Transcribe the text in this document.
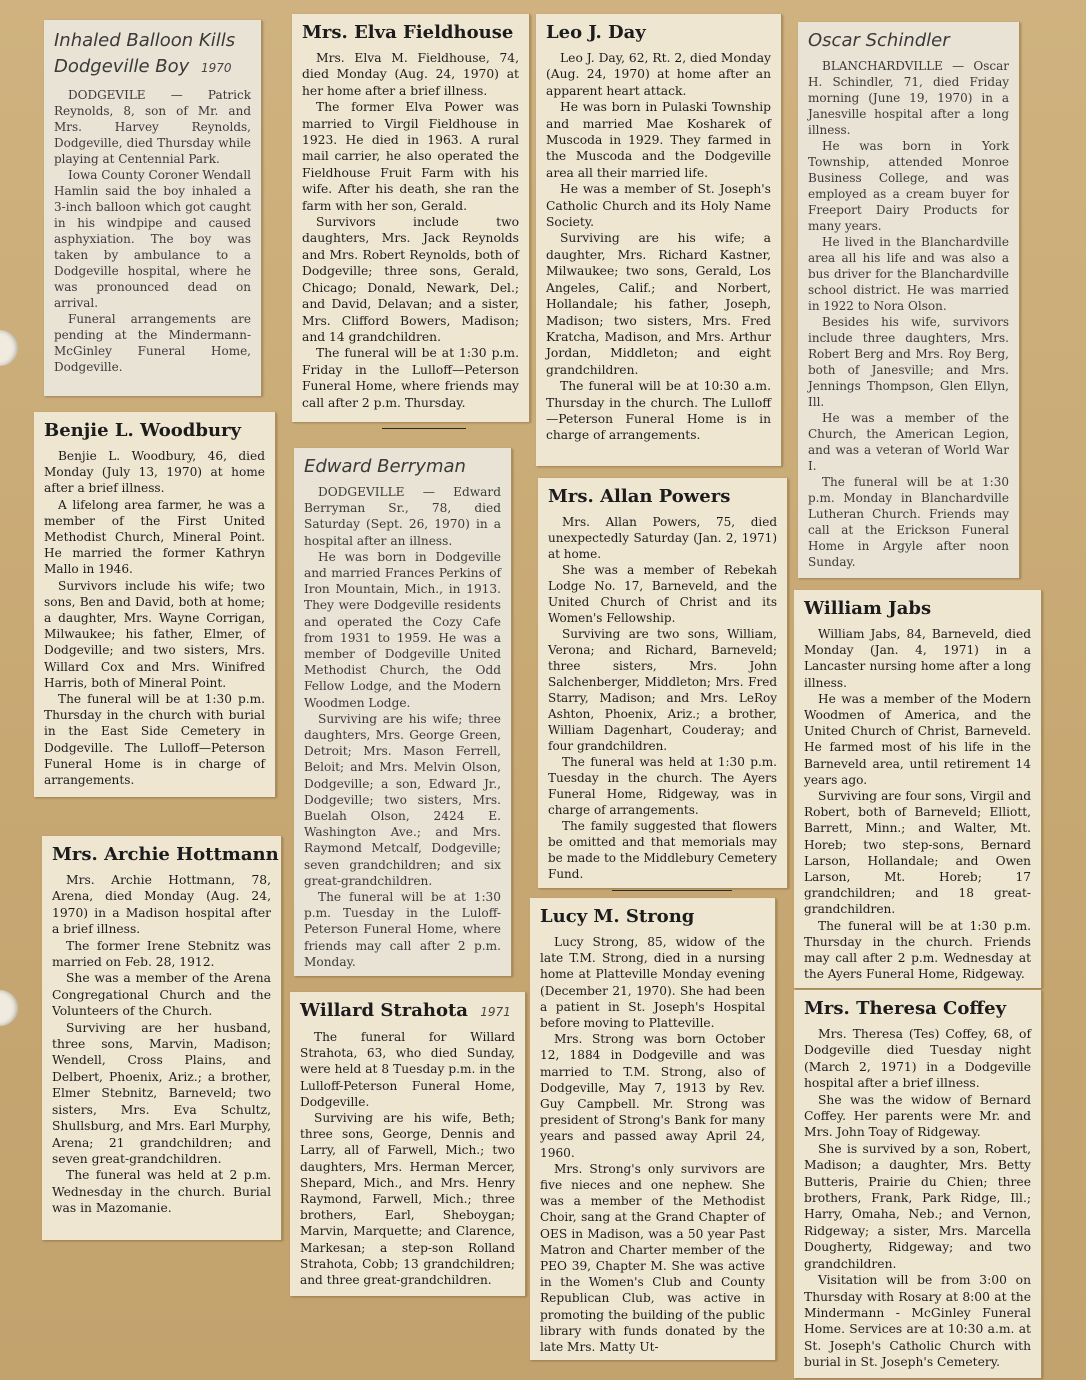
Inhaled Balloon Kills Dodgeville Boy 1970

DODGEVILE — Patrick Reynolds, 8, son of Mr. and Mrs. Harvey Reynolds, Dodgeville, died Thursday while playing at Centennial Park.

Iowa County Coroner Wendall Hamlin said the boy inhaled a 3-inch balloon which got caught in his windpipe and caused asphyxiation. The boy was taken by ambulance to a Dodgeville hospital, where he was pronounced dead on arrival.

Funeral arrangements are pending at the Mindermann-McGinley Funeral Home, Dodgeville.

Benjie L. Woodbury

Benjie L. Woodbury, 46, died Monday (July 13, 1970) at home after a brief illness.

A lifelong area farmer, he was a member of the First United Methodist Church, Mineral Point. He married the former Kathryn Mallo in 1946.

Survivors include his wife; two sons, Ben and David, both at home; a daughter, Mrs. Wayne Corrigan, Milwaukee; his father, Elmer, of Dodgeville; and two sisters, Mrs. Willard Cox and Mrs. Winifred Harris, both of Mineral Point.

The funeral will be at 1:30 p.m. Thursday in the church with burial in the East Side Cemetery in Dodgeville. The Lulloff—Peterson Funeral Home is in charge of arrangements.

Mrs. Archie Hottmann

Mrs. Archie Hottmann, 78, Arena, died Monday (Aug. 24, 1970) in a Madison hospital after a brief illness.

The former Irene Stebnitz was married on Feb. 28, 1912.

She was a member of the Arena Congregational Church and the Volunteers of the Church.

Surviving are her husband, three sons, Marvin, Madison; Wendell, Cross Plains, and Delbert, Phoenix, Ariz.; a brother, Elmer Stebnitz, Barneveld; two sisters, Mrs. Eva Schultz, Shullsburg, and Mrs. Earl Murphy, Arena; 21 grandchildren; and seven great-grandchildren.

The funeral was held at 2 p.m. Wednesday in the church. Burial was in Mazomanie.

Mrs. Elva Fieldhouse

Mrs. Elva M. Fieldhouse, 74, died Monday (Aug. 24, 1970) at her home after a brief illness.

The former Elva Power was married to Virgil Fieldhouse in 1923. He died in 1963. A rural mail carrier, he also operated the Fieldhouse Fruit Farm with his wife. After his death, she ran the farm with her son, Gerald.

Survivors include two daughters, Mrs. Jack Reynolds and Mrs. Robert Reynolds, both of Dodgeville; three sons, Gerald, Chicago; Donald, Newark, Del.; and David, Delavan; and a sister, Mrs. Clifford Bowers, Madison; and 14 grandchildren.

The funeral will be at 1:30 p.m. Friday in the Lulloff—Peterson Funeral Home, where friends may call after 2 p.m. Thursday.

Edward Berryman

DODGEVILLE — Edward Berryman Sr., 78, died Saturday (Sept. 26, 1970) in a hospital after an illness.

He was born in Dodgeville and married Frances Perkins of Iron Mountain, Mich., in 1913. They were Dodgeville residents and operated the Cozy Cafe from 1931 to 1959. He was a member of Dodgeville United Methodist Church, the Odd Fellow Lodge, and the Modern Woodmen Lodge.

Surviving are his wife; three daughters, Mrs. George Green, Detroit; Mrs. Mason Ferrell, Beloit; and Mrs. Melvin Olson, Dodgeville; a son, Edward Jr., Dodgeville; two sisters, Mrs. Buelah Olson, 2424 E. Washington Ave.; and Mrs. Raymond Metcalf, Dodgeville; seven grandchildren; and six great-grandchildren.

The funeral will be at 1:30 p.m. Tuesday in the Luloff-Peterson Funeral Home, where friends may call after 2 p.m. Monday.

Willard Strahota 1971

The funeral for Willard Strahota, 63, who died Sunday, were held at 8 Tuesday p.m. in the Lulloff-Peterson Funeral Home, Dodgeville.

Surviving are his wife, Beth; three sons, George, Dennis and Larry, all of Farwell, Mich.; two daughters, Mrs. Herman Mercer, Shepard, Mich., and Mrs. Henry Raymond, Farwell, Mich.; three brothers, Earl, Sheboygan; Marvin, Marquette; and Clarence, Markesan; a step-son Rolland Strahota, Cobb; 13 grandchildren; and three great-grandchildren.

Leo J. Day

Leo J. Day, 62, Rt. 2, died Monday (Aug. 24, 1970) at home after an apparent heart attack.

He was born in Pulaski Township and married Mae Kosharek of Muscoda in 1929. They farmed in the Muscoda and the Dodgeville area all their married life.

He was a member of St. Joseph's Catholic Church and its Holy Name Society.

Surviving are his wife; a daughter, Mrs. Richard Kastner, Milwaukee; two sons, Gerald, Los Angeles, Calif.; and Norbert, Hollandale; his father, Joseph, Madison; two sisters, Mrs. Fred Kratcha, Madison, and Mrs. Arthur Jordan, Middleton; and eight grandchildren.

The funeral will be at 10:30 a.m. Thursday in the church. The Lulloff—Peterson Funeral Home is in charge of arrangements.

Mrs. Allan Powers

Mrs. Allan Powers, 75, died unexpectedly Saturday (Jan. 2, 1971) at home.

She was a member of Rebekah Lodge No. 17, Barneveld, and the United Church of Christ and its Women's Fellowship.

Surviving are two sons, William, Verona; and Richard, Barneveld; three sisters, Mrs. John Salchenberger, Middleton; Mrs. Fred Starry, Madison; and Mrs. LeRoy Ashton, Phoenix, Ariz.; a brother, William Dagenhart, Couderay; and four grandchildren.

The funeral was held at 1:30 p.m. Tuesday in the church. The Ayers Funeral Home, Ridgeway, was in charge of arrangements.

The family suggested that flowers be omitted and that memorials may be made to the Middlebury Cemetery Fund.

Lucy M. Strong

Lucy Strong, 85, widow of the late T.M. Strong, died in a nursing home at Platteville Monday evening (December 21, 1970). She had been a patient in St. Joseph's Hospital before moving to Platteville.

Mrs. Strong was born October 12, 1884 in Dodgeville and was married to T.M. Strong, also of Dodgeville, May 7, 1913 by Rev. Guy Campbell. Mr. Strong was president of Strong's Bank for many years and passed away April 24, 1960.

Mrs. Strong's only survivors are five nieces and one nephew. She was a member of the Methodist Choir, sang at the Grand Chapter of OES in Madison, was a 50 year Past Matron and Charter member of the PEO 39, Chapter M. She was active in the Women's Club and County Republican Club, was active in promoting the building of the public library with funds donated by the late Mrs. Matty Ut-

Oscar Schindler

BLANCHARDVILLE — Oscar H. Schindler, 71, died Friday morning (June 19, 1970) in a Janesville hospital after a long illness.

He was born in York Township, attended Monroe Business College, and was employed as a cream buyer for Freeport Dairy Products for many years.

He lived in the Blanchardville area all his life and was also a bus driver for the Blanchardville school district. He was married in 1922 to Nora Olson.

Besides his wife, survivors include three daughters, Mrs. Robert Berg and Mrs. Roy Berg, both of Janesville; and Mrs. Jennings Thompson, Glen Ellyn, Ill.

He was a member of the Church, the American Legion, and was a veteran of World War I.

The funeral will be at 1:30 p.m. Monday in Blanchardville Lutheran Church. Friends may call at the Erickson Funeral Home in Argyle after noon Sunday.

William Jabs

William Jabs, 84, Barneveld, died Monday (Jan. 4, 1971) in a Lancaster nursing home after a long illness.

He was a member of the Modern Woodmen of America, and the United Church of Christ, Barneveld. He farmed most of his life in the Barneveld area, until retirement 14 years ago.

Surviving are four sons, Virgil and Robert, both of Barneveld; Elliott, Barrett, Minn.; and Walter, Mt. Horeb; two step-sons, Bernard Larson, Hollandale; and Owen Larson, Mt. Horeb; 17 grandchildren; and 18 great-grandchildren.

The funeral will be at 1:30 p.m. Thursday in the church. Friends may call after 2 p.m. Wednesday at the Ayers Funeral Home, Ridgeway.

Mrs. Theresa Coffey

Mrs. Theresa (Tes) Coffey, 68, of Dodgeville died Tuesday night (March 2, 1971) in a Dodgeville hospital after a brief illness.

She was the widow of Bernard Coffey. Her parents were Mr. and Mrs. John Toay of Ridgeway.

She is survived by a son, Robert, Madison; a daughter, Mrs. Betty Butteris, Prairie du Chien; three brothers, Frank, Park Ridge, Ill.; Harry, Omaha, Neb.; and Vernon, Ridgeway; a sister, Mrs. Marcella Dougherty, Ridgeway; and two grandchildren.

Visitation will be from 3:00 on Thursday with Rosary at 8:00 at the Mindermann - McGinley Funeral Home. Services are at 10:30 a.m. at St. Joseph's Catholic Church with burial in St. Joseph's Cemetery.
